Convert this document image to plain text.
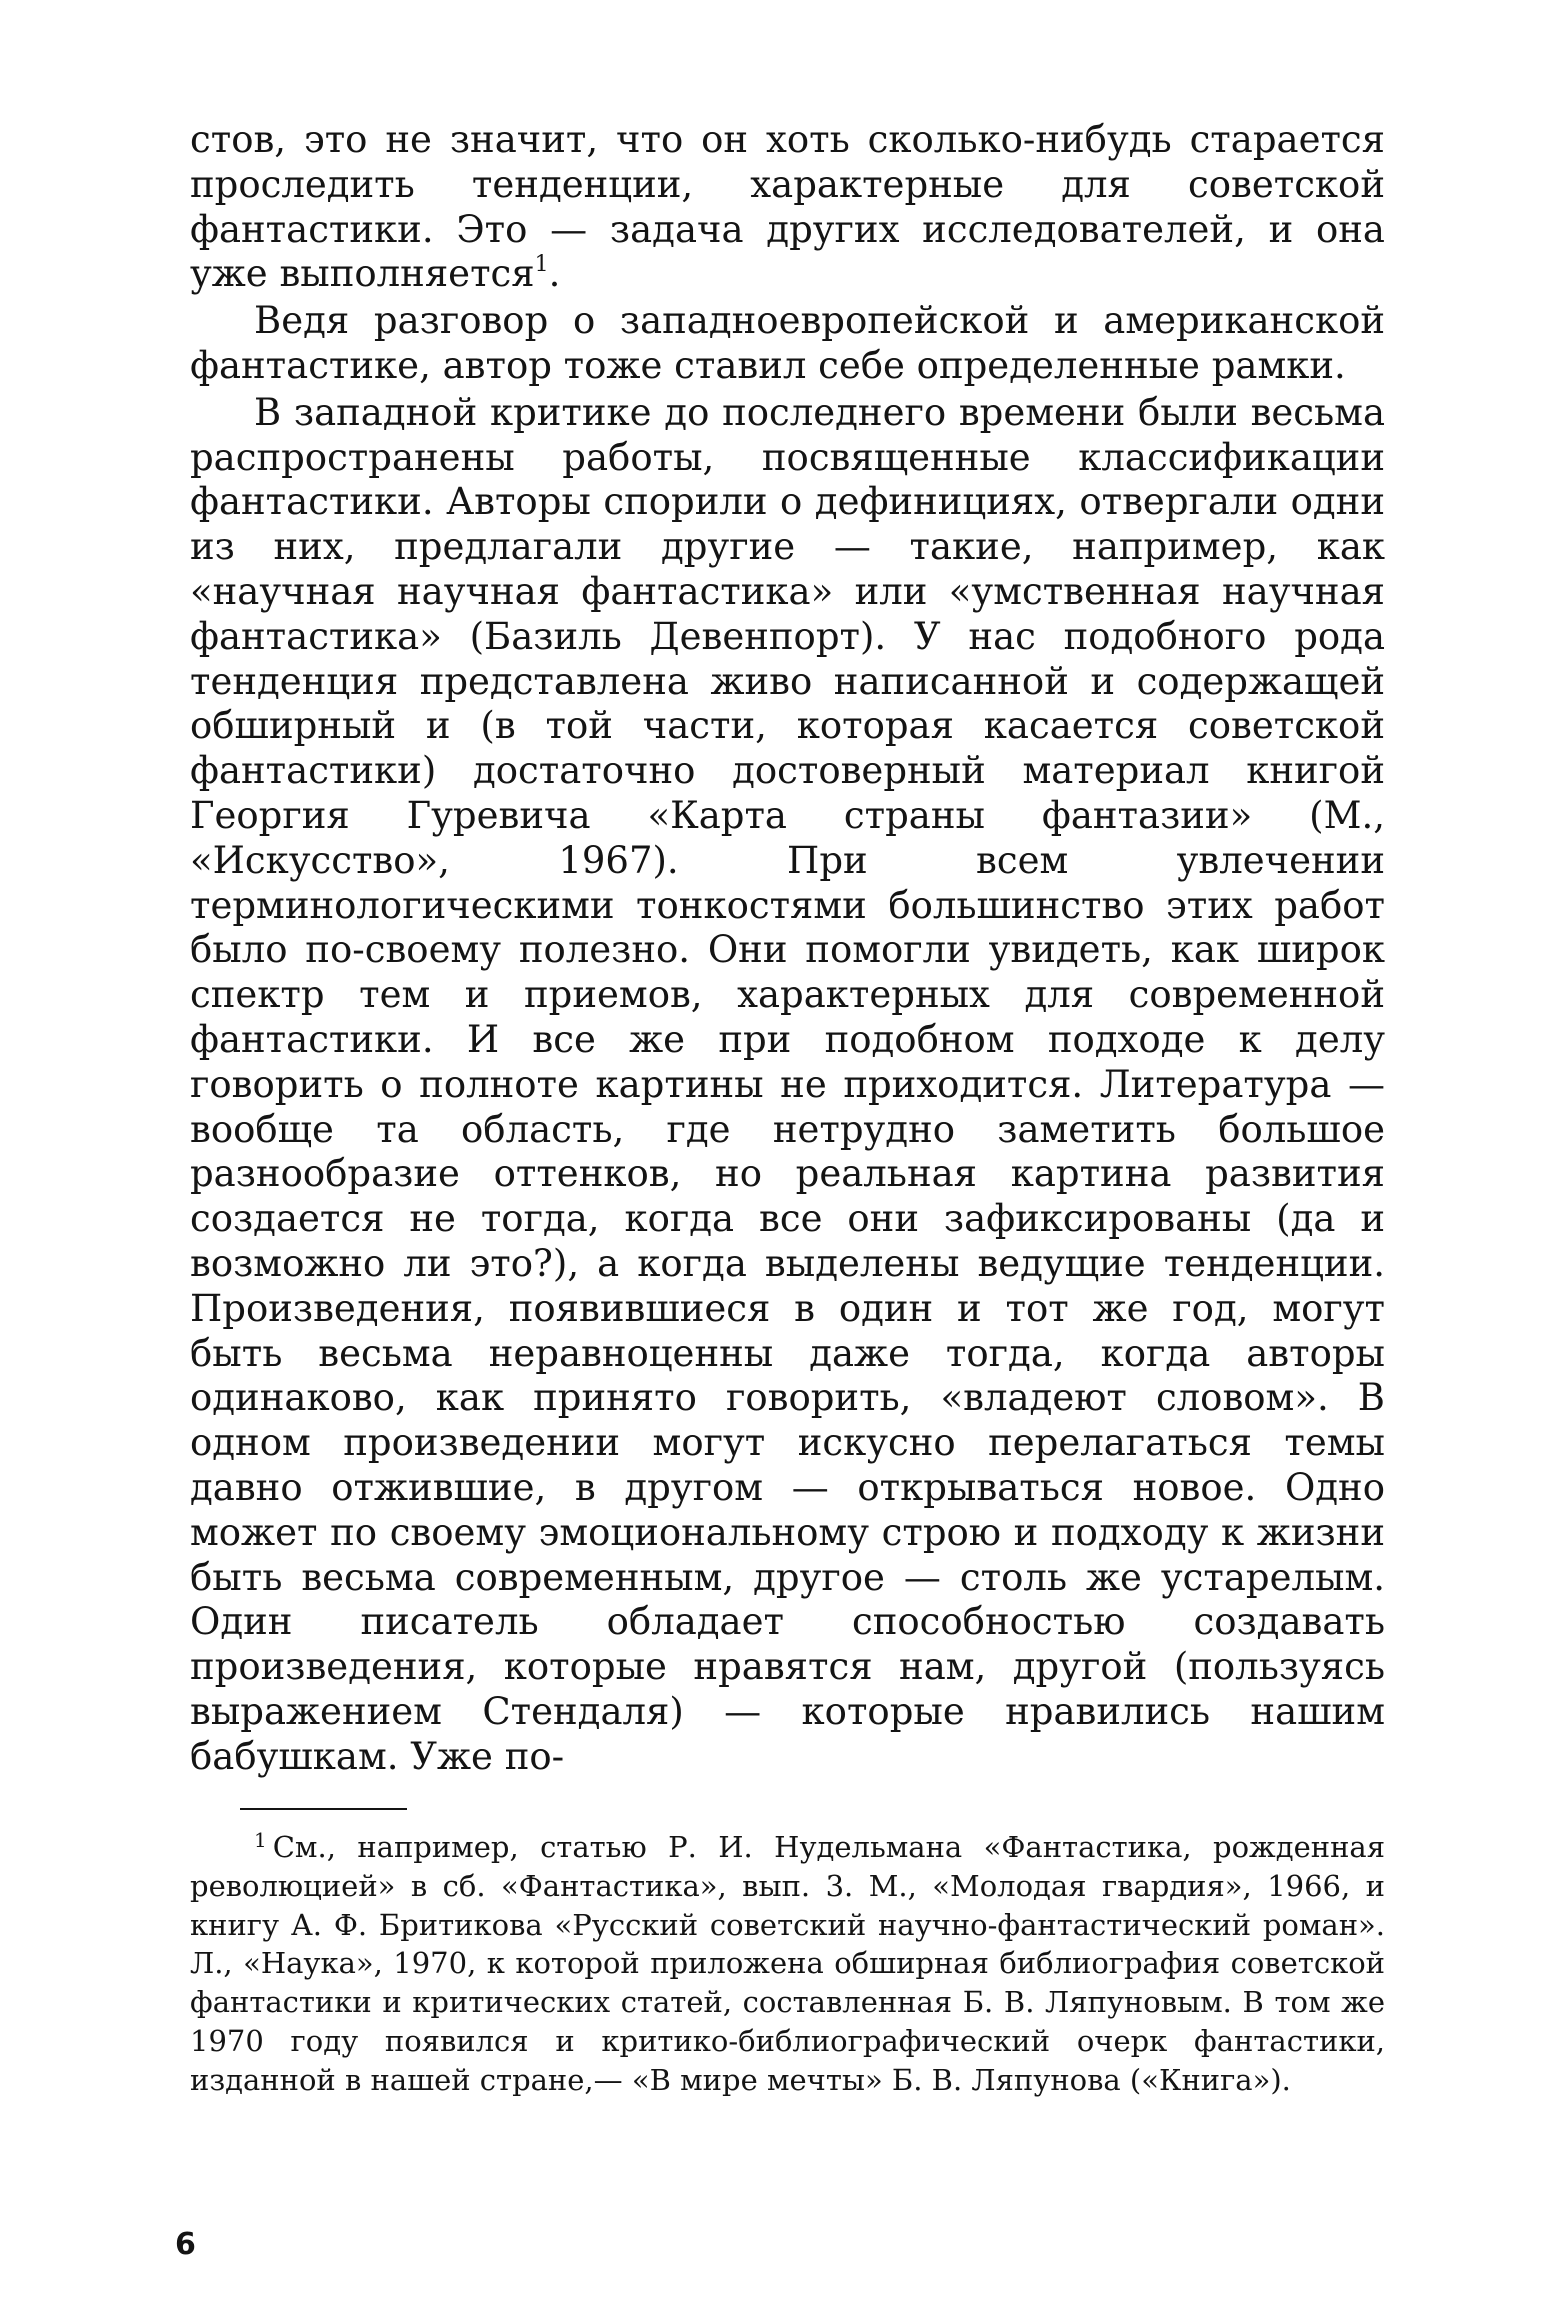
стов, это не значит, что он хоть сколько-нибудь старается проследить тенденции, характерные для советской фантастики. Это — задача других исследователей, и она уже выполняется$^1$.

Ведя разговор о западноевропейской и американской фантастике, автор тоже ставил себе определенные рамки.

В западной критике до последнего времени были весьма распространены работы, посвященные классификации фантастики. Авторы спорили о дефинициях, отвергали одни из них, предлагали другие — такие, например, как «научная научная фантастика» или «умственная научная фантастика» (Базиль Девенпорт). У нас подобного рода тенденция представлена живо написанной и содержащей обширный и (в той части, которая касается советской фантастики) достаточно достоверный материал книгой Георгия Гуревича «Карта страны фантазии» (М., «Искусство», 1967). При всем увлечении терминологическими тонкостями большинство этих работ было по-своему полезно. Они помогли увидеть, как широк спектр тем и приемов, характерных для современной фантастики. И все же при подобном подходе к делу говорить о полноте картины не приходится. Литература — вообще та область, где нетрудно заметить большое разнообразие оттенков, но реальная картина развития создается не тогда, когда все они зафиксированы (да и возможно ли это?), а когда выделены ведущие тенденции. Произведения, появившиеся в один и тот же год, могут быть весьма неравноценны даже тогда, когда авторы одинаково, как принято говорить, «владеют словом». В одном произведении могут искусно перелагаться темы давно отжившие, в другом — открываться новое. Одно может по своему эмоциональному строю и подходу к жизни быть весьма современным, другое — столь же устарелым. Один писатель обладает способностью создавать произведения, которые нравятся нам, другой (пользуясь выражением Стендаля) — которые нравились нашим бабушкам. Уже по-

$^1$ См., например, статью Р. И. Нудельмана «Фантастика, рожденная революцией» в сб. «Фантастика», вып. 3. М., «Молодая гвардия», 1966, и книгу А. Ф. Бритикова «Русский советский научно-фантастический роман». Л., «Наука», 1970, к которой приложена обширная библиография советской фантастики и критических статей, составленная Б. В. Ляпуновым. В том же 1970 году появился и критико-библиографический очерк фантастики, изданной в нашей стране,— «В мире мечты» Б. В. Ляпунова («Книга»).

6
